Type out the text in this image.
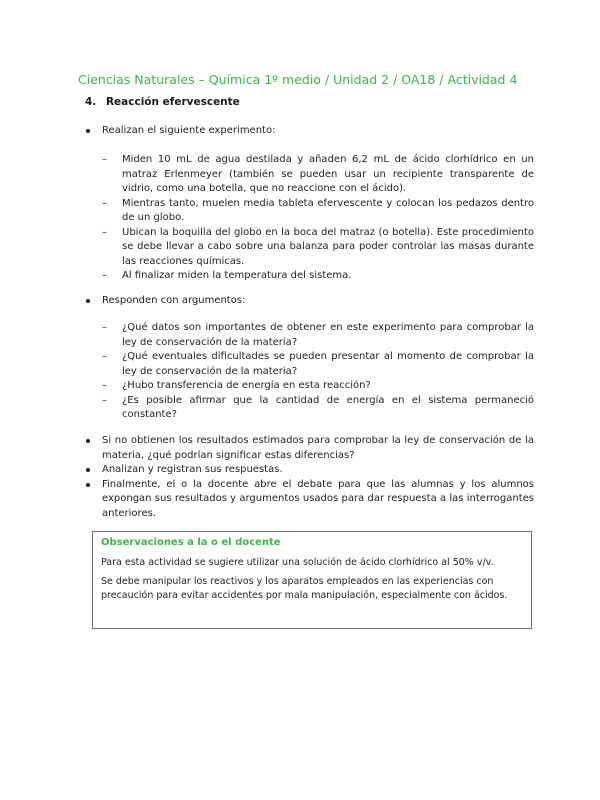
Ciencias Naturales – Química 1º medio / Unidad 2 / OA18 / Actividad 4
4. Reacción efervescente
Realizan el siguiente experimento:
– Miden 10 mL de agua destilada y añaden 6,2 mL de ácido clorhídrico en un matraz Erlenmeyer (también se pueden usar un recipiente transparente de vidrio, como una botella, que no reaccione con el ácido).
– Mientras tanto, muelen media tableta efervescente y colocan los pedazos dentro de un globo.
– Ubican la boquilla del globo en la boca del matraz (o botella). Este procedimiento se debe llevar a cabo sobre una balanza para poder controlar las masas durante las reacciones químicas.
– Al finalizar miden la temperatura del sistema.
Responden con argumentos:
– ¿Qué datos son importantes de obtener en este experimento para comprobar la ley de conservación de la materia?
– ¿Qué eventuales dificultades se pueden presentar al momento de comprobar la ley de conservación de la materia?
– ¿Hubo transferencia de energía en esta reacción?
– ¿Es posible afirmar que la cantidad de energía en el sistema permaneció constante?
Si no obtienen los resultados estimados para comprobar la ley de conservación de la materia, ¿qué podrían significar estas diferencias?
Analizan y registran sus respuestas.
Finalmente, el o la docente abre el debate para que las alumnas y los alumnos expongan sus resultados y argumentos usados para dar respuesta a las interrogantes anteriores.
Observaciones a la o el docente

Para esta actividad se sugiere utilizar una solución de ácido clorhídrico al 50% v/v.

Se debe manipular los reactivos y los aparatos empleados en las experiencias con precaución para evitar accidentes por mala manipulación, especialmente con ácidos.
